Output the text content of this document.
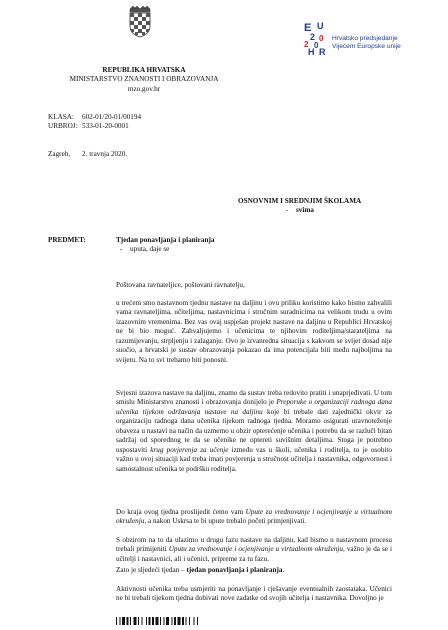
REPUBLIKA HRVATSKA
MINISTARSTVO ZNANOSTI I OBRAZOVANJA
mzo.gov.hr
E U
2 0
2 0
H R
Hrvatsko predsjedanje
Vijećem Europske unije
KLASA: 602-01/20-01/00194
URBROJ: 533-01-20-0001
Zagreb, 2. travnja 2020.
OSNOVNIM I SREDNJIM ŠKOLAMA
- svima
PREDMET:	Tjedan ponavljanja i planiranja
- uputa, daje se
Poštovana ravnateljice, poštovani ravnatelju,
u trećem smo nastavnom tjednu nastave na daljinu i ovu priliku koristimo kako bismo zahvalili vama ravnateljima, učiteljima, nastavnicima i stručnim suradnicima na velikom trudu u ovim izazovnim vremenima. Bez vas ovaj uspješan projekt nastave na daljinu u Republici Hrvatskoj ne bi bio moguć. Zahvaljujemo i učenicima te njihovim roditeljima/starateljima na razumijevanju, strpljenju i zalaganju. Ovo je izvanredna situacija s kakvom se svijet dosad nije suočio, a hrvatski je sustav obrazovanja pokazao da ima potencijala biti među najboljima na svijetu. Na to svi trebamo biti ponosni.
Svjesni izazova nastave na daljinu, znamo da sustav treba redovito pratiti i unaprjeđivati. U tom smislu Ministarstvo znanosti i obrazovanja donijelo je Preporuke o organizaciji radnoga dana učenika tijekom održavanja nastave na daljinu koje bi trebale dati zajednički okvir za organizaciju radnoga dana učenika tijekom radnoga tjedna. Moramo osigurati uravnoteženje obaveza u nastavi na način da uzmemo u obzir opterećenje učenika i potrebu da se razluči bitan sadržaj od sporednog te da se učenike ne optereti suvišnim detaljima. Stoga je potrebno uspostaviti krug povjerenja za učenje između vas u školi, učenika i roditelja, to je osobito važno u ovoj situaciji kad treba imati povjerenja u stručnost učitelja i nastavnika, odgovornost i samostalnost učenika te podršku roditelja.
Do kraja ovog tjedna proslijedit ćemo vam Upute za vrednovanje i ocjenjivanje u virtualnom okruženju, a nakon Uskrsa te bi upute trebalo početi primjenjivati.
S obzirom na to da ulazimo u drugu fazu nastave na daljinu, kad bismo u nastavnom procesu trebali primijeniti Uputu za vrednovanje i ocjenjivanje u virtualnom okruženju, važno je da se i učitelji i nastavnici, ali i učenici, pripreme za tu fazu.
Zato je sljedeći tjedan – tjedan ponavljanja i planiranja.
Aktivnosti učenika treba usmjeriti na ponavljanje i rješavanje eventualnih zaostataka. Učenici ne bi trebali tijekom tjedna dobivati nove zadatke od svojih učitelja i nastavnika. Dovoljno je
